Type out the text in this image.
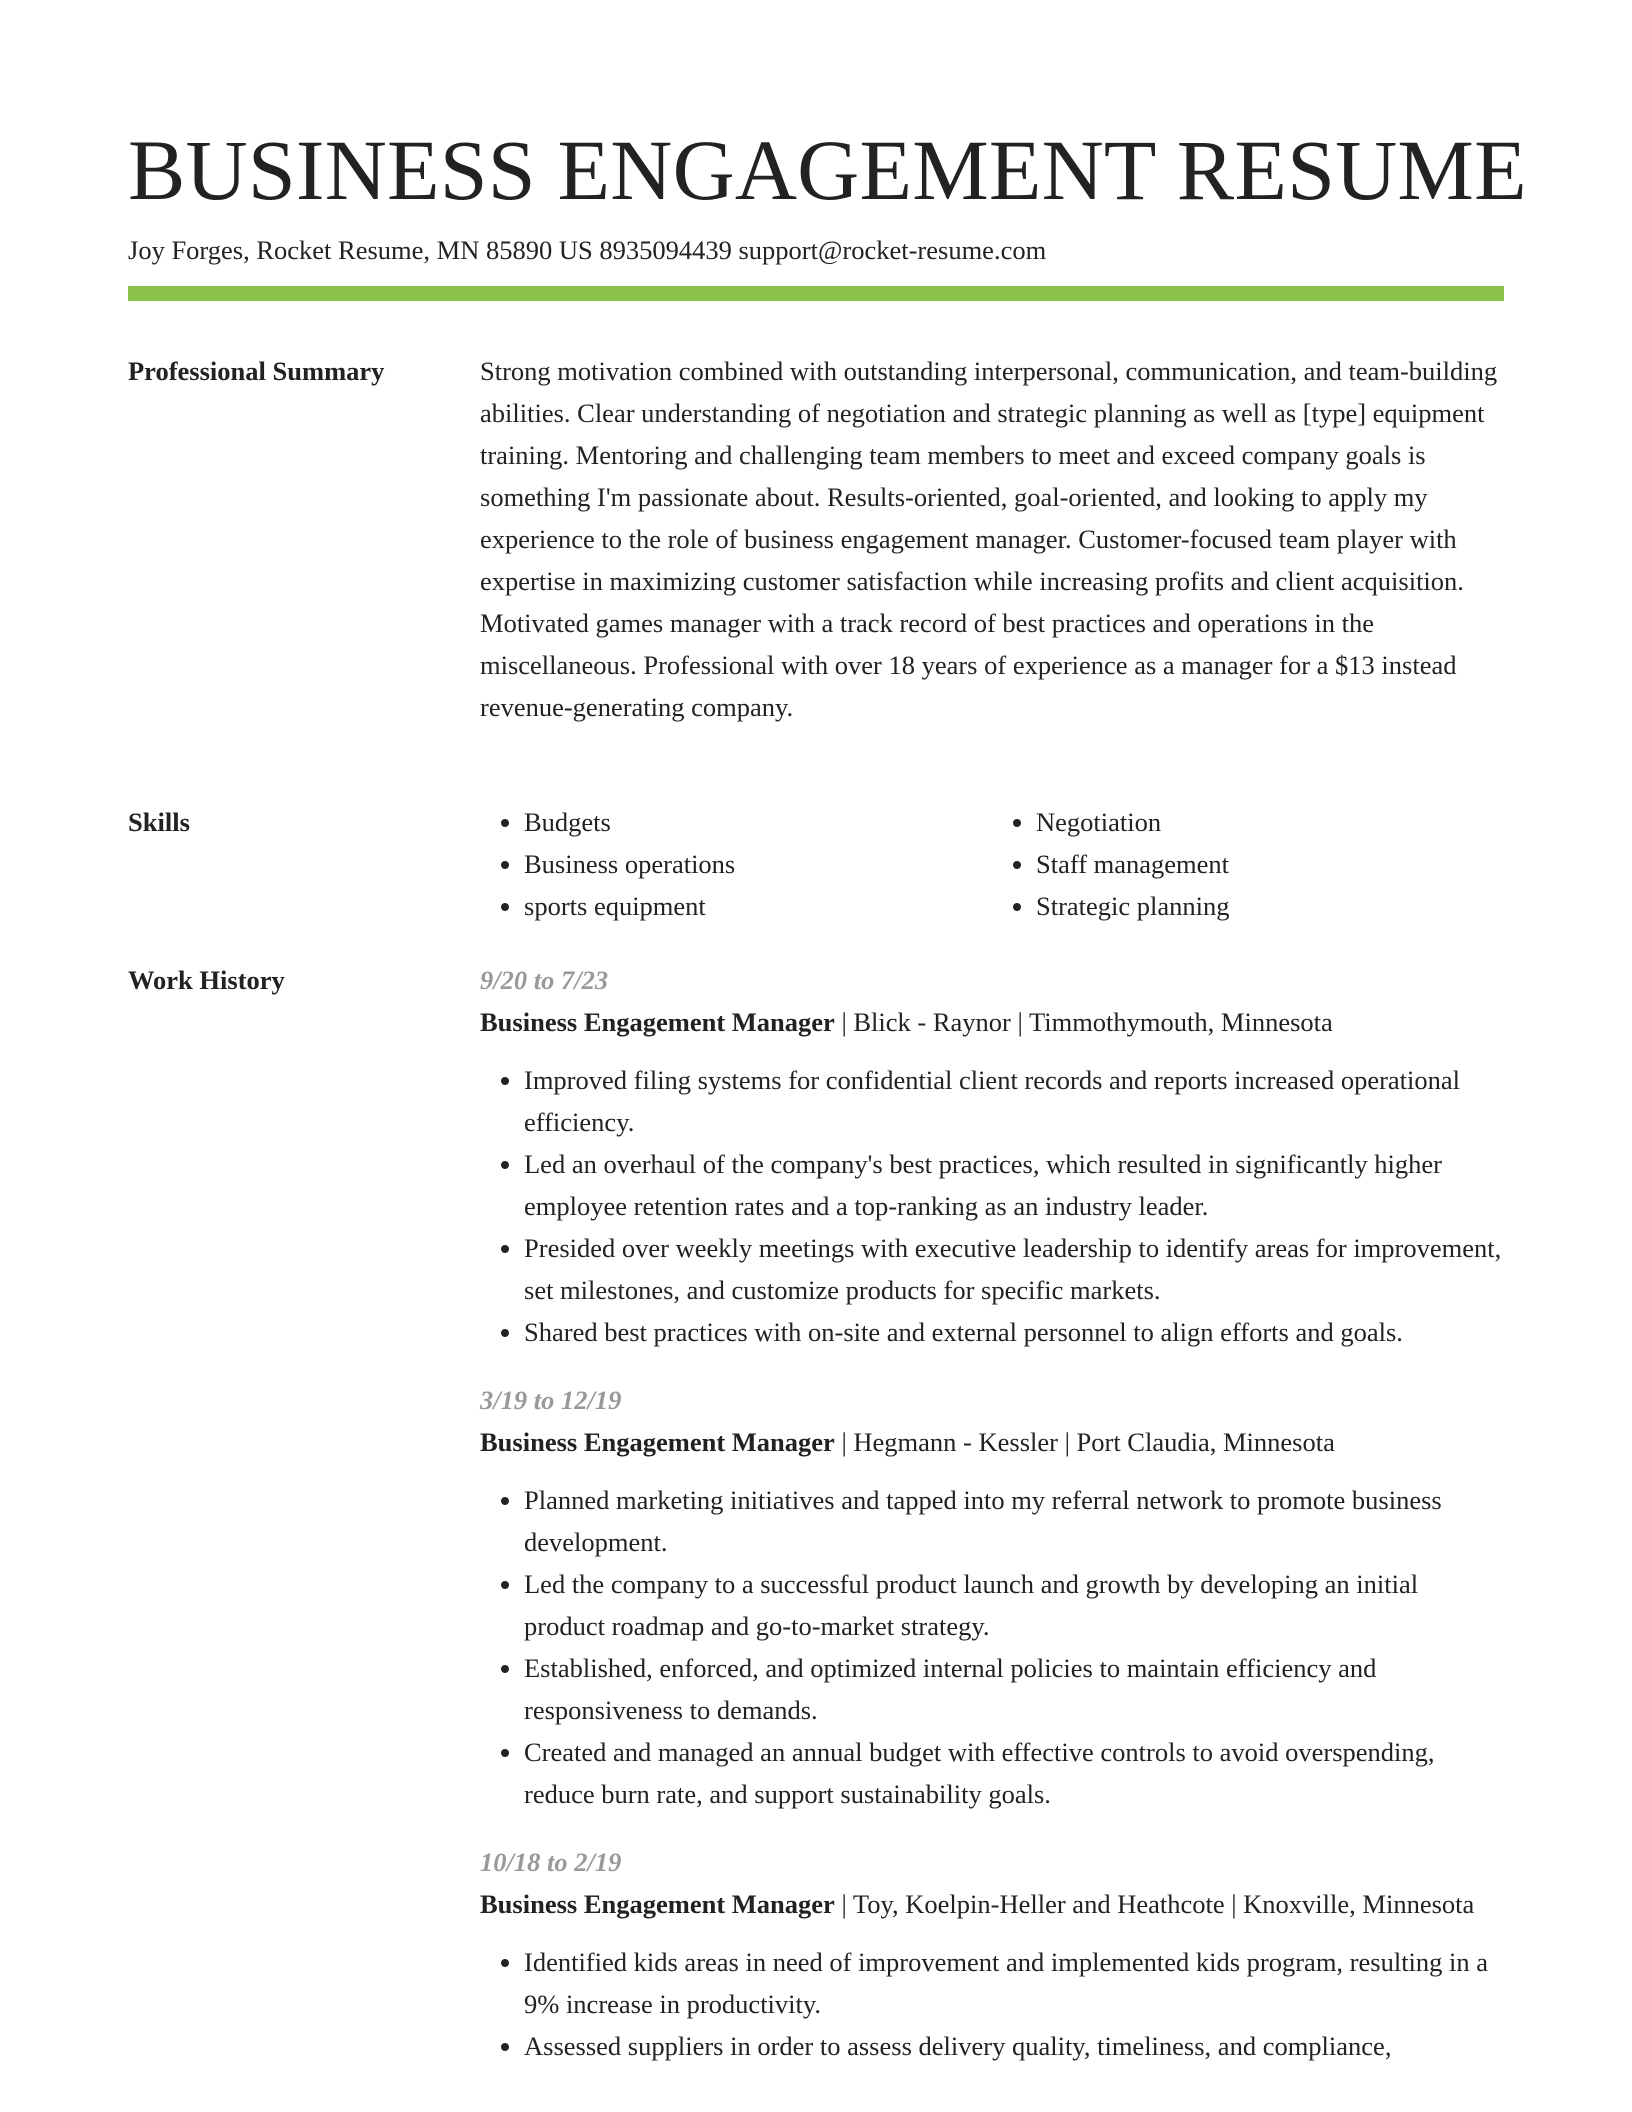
BUSINESS ENGAGEMENT RESUME
Joy Forges, Rocket Resume, MN 85890 US 8935094439 support@rocket-resume.com
Professional Summary	Strong motivation combined with outstanding interpersonal, communication, and team-building abilities. Clear understanding of negotiation and strategic planning as well as [type] equipment training. Mentoring and challenging team members to meet and exceed company goals is something I'm passionate about. Results-oriented, goal-oriented, and looking to apply my experience to the role of business engagement manager. Customer-focused team player with expertise in maximizing customer satisfaction while increasing profits and client acquisition. Motivated games manager with a track record of best practices and operations in the miscellaneous. Professional with over 18 years of experience as a manager for a $13 instead revenue-generating company.

Skills
•	Budgets
• Business operations
• sports equipment
• Negotiation
• Staff management
• Strategic planning
Work History	9/20 to 7/23
Business Engagement Manager | Blick - Raynor | Timmothymouth, Minnesota
• Improved filing systems for confidential client records and reports increased operational efficiency.
• Led an overhaul of the company's best practices, which resulted in significantly higher employee retention rates and a top-ranking as an industry leader.
• Presided over weekly meetings with executive leadership to identify areas for improvement, set milestones, and customize products for specific markets.
• Shared best practices with on-site and external personnel to align efforts and goals.
3/19 to 12/19
Business Engagement Manager | Hegmann - Kessler | Port Claudia, Minnesota
• Planned marketing initiatives and tapped into my referral network to promote business development.
• Led the company to a successful product launch and growth by developing an initial product roadmap and go-to-market strategy.
• Established, enforced, and optimized internal policies to maintain efficiency and responsiveness to demands.
• Created and managed an annual budget with effective controls to avoid overspending, reduce burn rate, and support sustainability goals.
10/18 to 2/19
Business Engagement Manager | Toy, Koelpin-Heller and Heathcote | Knoxville, Minnesota
• Identified kids areas in need of improvement and implemented kids program, resulting in a 9% increase in productivity.
• Assessed suppliers in order to assess delivery quality, timeliness, and compliance,
